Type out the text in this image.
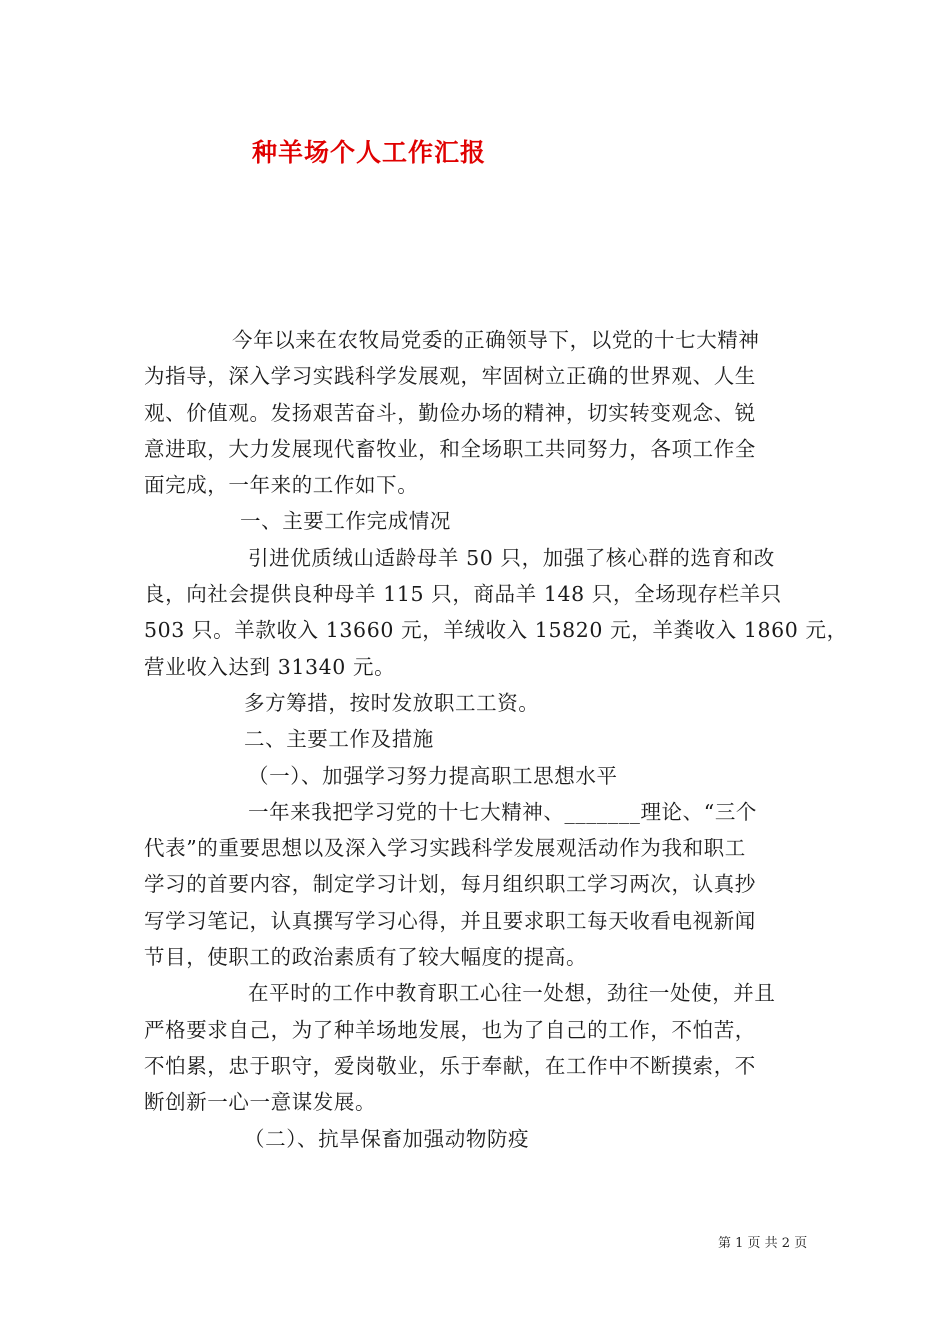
种羊场个人工作汇报
今年以来在农牧局党委的正确领导下，以党的十七大精神
为指导，深入学习实践科学发展观，牢固树立正确的世界观、人生
观、价值观。发扬艰苦奋斗，勤俭办场的精神，切实转变观念、锐
意进取，大力发展现代畜牧业，和全场职工共同努力，各项工作全
面完成，一年来的工作如下。
一、主要工作完成情况
引进优质绒山适龄母羊 50 只，加强了核心群的选育和改
良，向社会提供良种母羊 115 只，商品羊 148 只，全场现存栏羊只
503 只。羊款收入 13660 元，羊绒收入 15820 元，羊粪收入 1860 元，
营业收入达到 31340 元。
多方筹措，按时发放职工工资。
二、主要工作及措施
（一）、加强学习努力提高职工思想水平
一年来我把学习党的十七大精神、_______理论、“三个
代表”的重要思想以及深入学习实践科学发展观活动作为我和职工
学习的首要内容，制定学习计划，每月组织职工学习两次，认真抄
写学习笔记，认真撰写学习心得，并且要求职工每天收看电视新闻
节目，使职工的政治素质有了较大幅度的提高。
在平时的工作中教育职工心往一处想，劲往一处使，并且
严格要求自己，为了种羊场地发展，也为了自己的工作，不怕苦，
不怕累，忠于职守，爱岗敬业，乐于奉献，在工作中不断摸索，不
断创新一心一意谋发展。
（二）、抗旱保畜加强动物防疫
第 1 页 共 2 页
